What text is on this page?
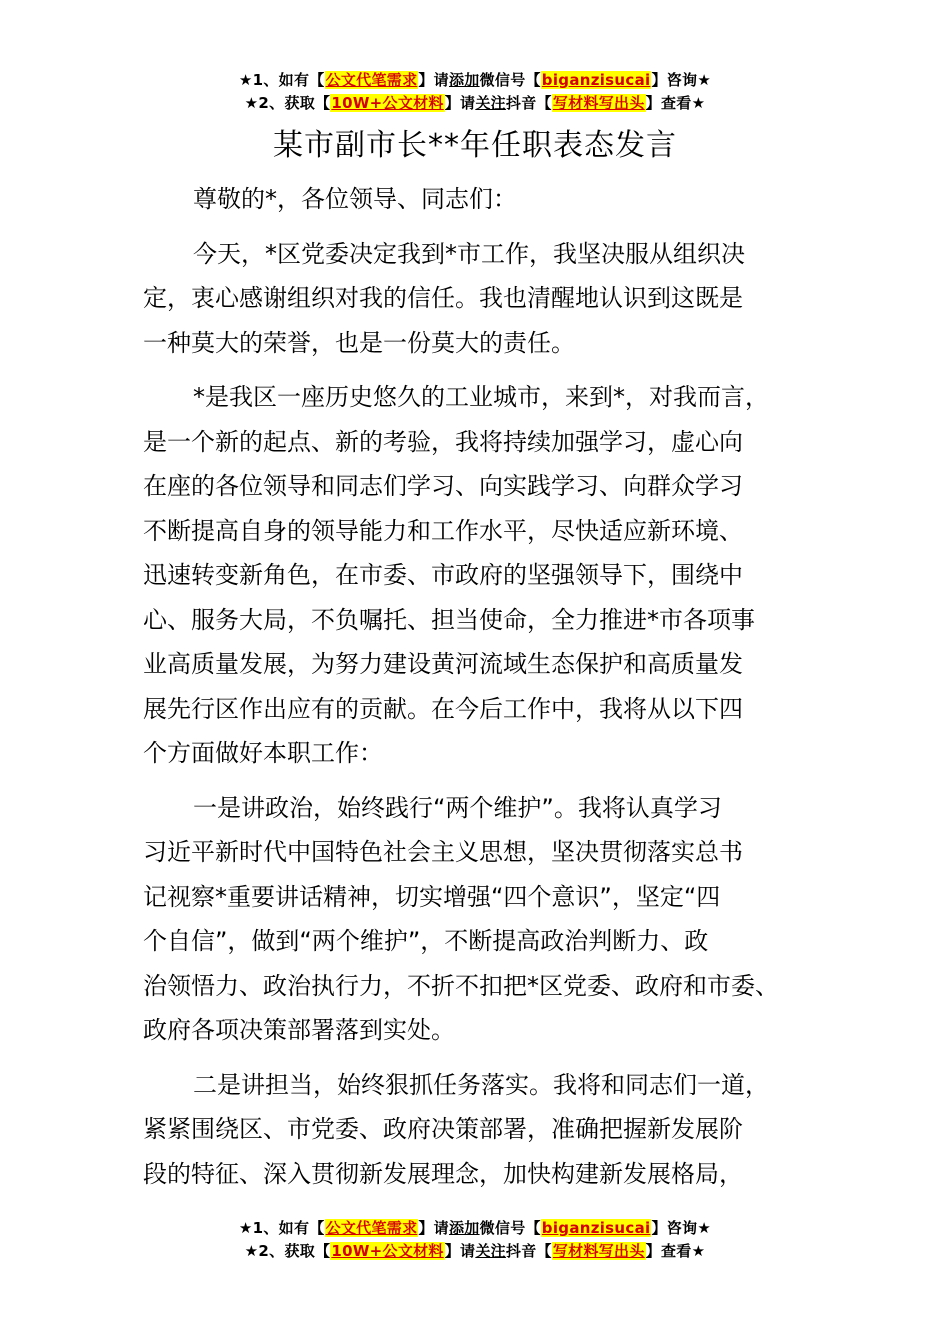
★1、如有【公文代笔需求】请添加微信号【biganzisucai】咨询★
★2、获取【10W+公文材料】请关注抖音【写材料写出头】查看★
某市副市长**年任职表态发言
尊敬的*，各位领导、同志们：
今天，*区党委决定我到*市工作，我坚决服从组织决
定，衷心感谢组织对我的信任。我也清醒地认识到这既是
一种莫大的荣誉，也是一份莫大的责任。
*是我区一座历史悠久的工业城市，来到*，对我而言，
是一个新的起点、新的考验，我将持续加强学习，虚心向
在座的各位领导和同志们学习、向实践学习、向群众学习
不断提高自身的领导能力和工作水平，尽快适应新环境、
迅速转变新角色，在市委、市政府的坚强领导下，围绕中
心、服务大局，不负嘱托、担当使命，全力推进*市各项事
业高质量发展，为努力建设黄河流域生态保护和高质量发
展先行区作出应有的贡献。在今后工作中，我将从以下四
个方面做好本职工作：
一是讲政治，始终践行“两个维护”。我将认真学习
习近平新时代中国特色社会主义思想，坚决贯彻落实总书
记视察*重要讲话精神，切实增强“四个意识”，坚定“四
个自信”，做到“两个维护”，不断提高政治判断力、政
治领悟力、政治执行力，不折不扣把*区党委、政府和市委、
政府各项决策部署落到实处。
二是讲担当，始终狠抓任务落实。我将和同志们一道，
紧紧围绕区、市党委、政府决策部署，准确把握新发展阶
段的特征、深入贯彻新发展理念，加快构建新发展格局，
★1、如有【公文代笔需求】请添加微信号【biganzisucai】咨询★
★2、获取【10W+公文材料】请关注抖音【写材料写出头】查看★
